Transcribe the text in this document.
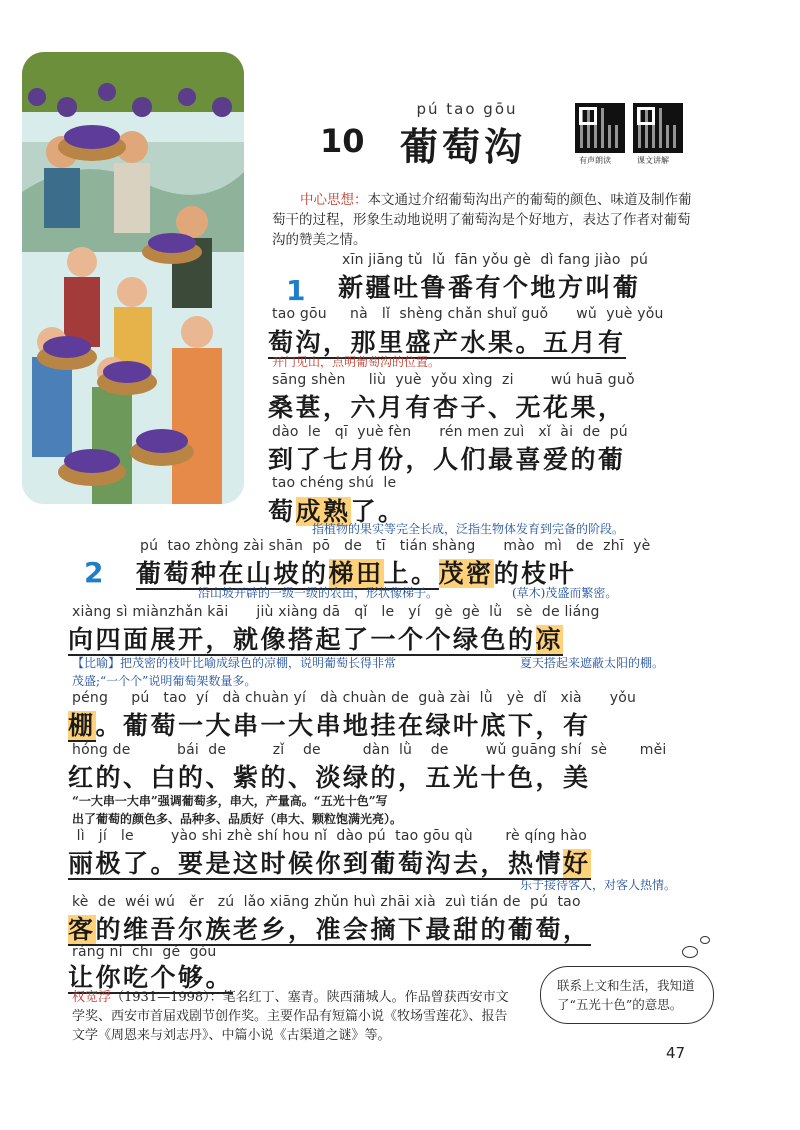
pú tao gōu
10 葡萄沟	有声朗读	课文讲解
中心思想：本文通过介绍葡萄沟出产的葡萄的颜色、味道及制作葡萄干的过程，形象生动地说明了葡萄沟是个好地方，表达了作者对葡萄沟的赞美之情。
1
xīn jiāng tǔ  lǔ  fān yǒu gè  dì fang jiào  pú
新疆吐鲁番有个地方叫葡
tao gōu     nà   lǐ  shèng chǎn shuǐ guǒ      wǔ  yuè yǒu
萄沟，那里盛产水果。五月有
开门见山，点明葡萄沟的位置。
sāng shèn     liù  yuè  yǒu xìng  zi        wú huā guǒ
桑葚，六月有杏子、无花果，
dào  le   qī  yuè fèn      rén men zuì   xǐ  ài  de  pú
到了七月份，人们最喜爱的葡
tao chéng shú  le
萄成熟了。
指植物的果实等完全长成，泛指生物体发育到完备的阶段。
2
pú  tao zhòng zài shān  pō   de   tī   tián shàng      mào  mì   de  zhī  yè
葡萄种在山坡的梯田上。茂密的枝叶
沿山坡开辟的一级一级的农田，形状像梯子。	(草木)茂盛而繁密。
xiàng sì miànzhǎn kāi      jiù xiàng dā   qǐ   le   yí   gè  gè  lǜ   sè  de liáng
向四面展开，就像搭起了一个个绿色的凉
【比喻】把茂密的枝叶比喻成绿色的凉棚，说明葡萄长得非常	夏天搭起来遮蔽太阳的棚。
茂盛;“一个个”说明葡萄架数量多。
péng     pú   tao  yí   dà chuàn yí   dà chuàn de  guà zài  lǜ   yè  dǐ   xià      yǒu
棚。葡萄一大串一大串地挂在绿叶底下，有
hóng de          bái  de          zǐ    de         dàn  lǜ    de        wǔ guāng shí  sè       měi
红的、白的、紫的、淡绿的，五光十色，美
“一大串一大串”强调葡萄多，串大，产量高。“五光十色”写
出了葡萄的颜色多、品种多、品质好（串大、颗粒饱满光亮）。
lì   jí   le        yào shi zhè shí hou nǐ  dào pú  tao gōu qù       rè qíng hào
丽极了。要是这时候你到葡萄沟去，热情好
乐于接待客人，对客人热情。
kè  de  wéi wú   ěr   zú  lǎo xiāng zhǔn huì zhāi xià  zuì tián de  pú  tao
客的维吾尔族老乡，准会摘下最甜的葡萄，
ràng nǐ  chī  gè  gòu
让你吃个够。
权宽浮（1931—1998）：笔名红丁、塞青。陕西蒲城人。作品曾获西安市文学奖、西安市首届戏剧节创作奖。主要作品有短篇小说《牧场雪莲花》、报告文学《周恩来与刘志丹》、中篇小说《古渠道之谜》等。
联系上文和生活，我知道了“五光十色”的意思。
47
